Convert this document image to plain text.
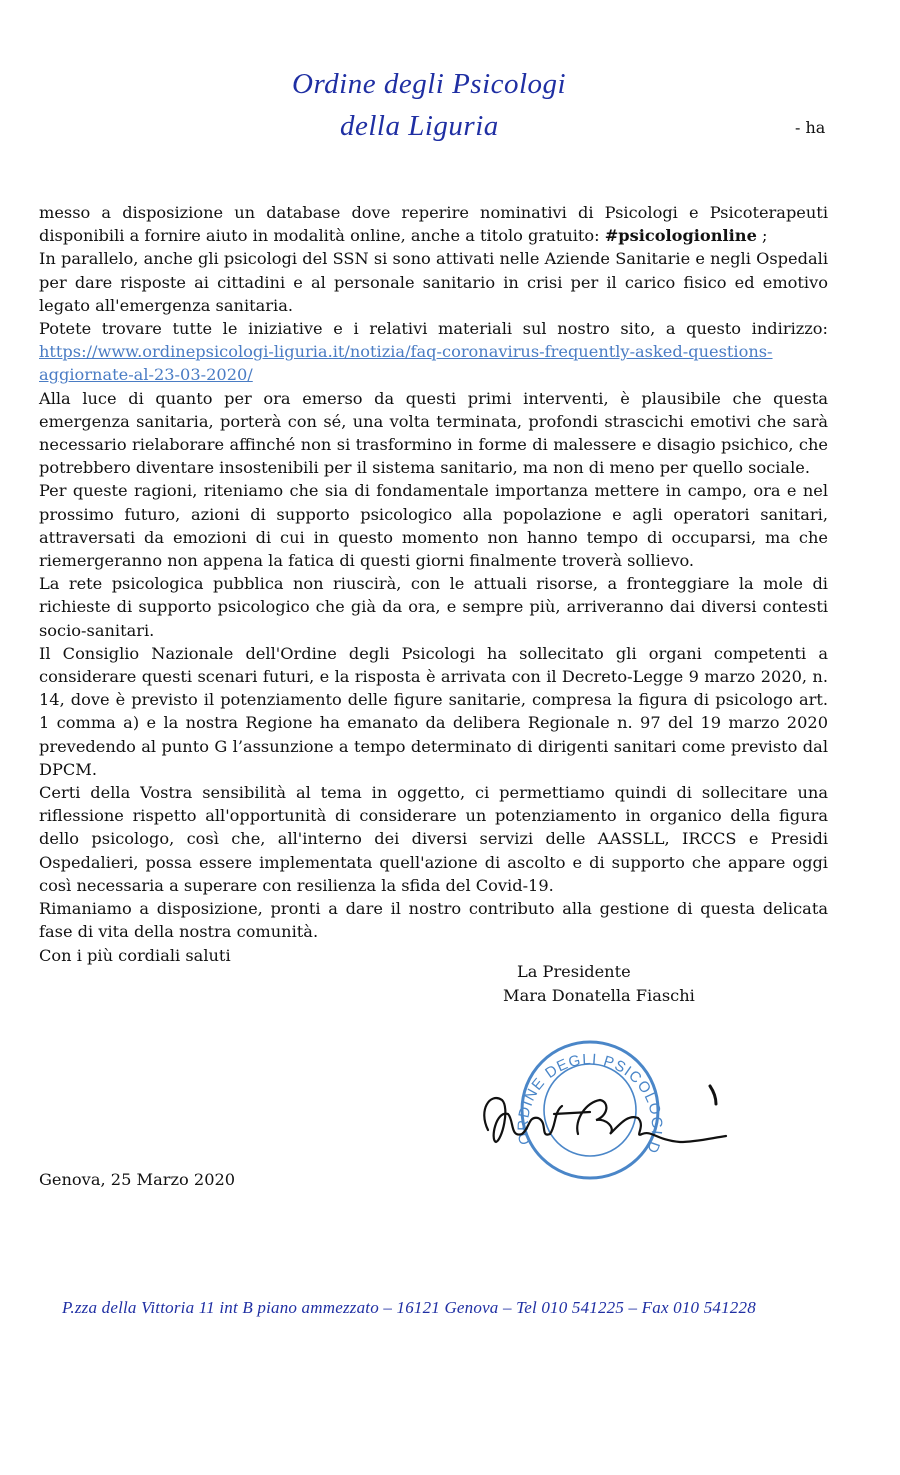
Ordine degli Psicologi
della Liguria	- ha

messo a disposizione un database dove reperire nominativi di Psicologi e Psicoterapeuti disponibili a fornire aiuto in modalità online, anche a titolo gratuito: #psicologionline ;

In parallelo, anche gli psicologi del SSN si sono attivati nelle Aziende Sanitarie e negli Ospedali per dare risposte ai cittadini e al personale sanitario in crisi per il carico fisico ed emotivo legato all'emergenza sanitaria.

Potete trovare tutte le iniziative e i relativi materiali sul nostro sito, a questo indirizzo: https://www.ordinepsicologi-liguria.it/notizia/faq-coronavirus-frequently-asked-questions-aggiornate-al-23-03-2020/

Alla luce di quanto per ora emerso da questi primi interventi, è plausibile che questa emergenza sanitaria, porterà con sé, una volta terminata, profondi strascichi emotivi che sarà necessario rielaborare affinché non si trasformino in forme di malessere e disagio psichico, che potrebbero diventare insostenibili per il sistema sanitario, ma non di meno per quello sociale.

Per queste ragioni, riteniamo che sia di fondamentale importanza mettere in campo, ora e nel prossimo futuro, azioni di supporto psicologico alla popolazione e agli operatori sanitari, attraversati da emozioni di cui in questo momento non hanno tempo di occuparsi, ma che riemergeranno non appena la fatica di questi giorni finalmente troverà sollievo.

La rete psicologica pubblica non riuscirà, con le attuali risorse, a fronteggiare la mole di richieste di supporto psicologico che già da ora, e sempre più, arriveranno dai diversi contesti socio-sanitari.

Il Consiglio Nazionale dell'Ordine degli Psicologi ha sollecitato gli organi competenti a considerare questi scenari futuri, e la risposta è arrivata con il Decreto-Legge 9 marzo 2020, n. 14, dove è previsto il potenziamento delle figure sanitarie, compresa la figura di psicologo art. 1 comma a) e la nostra Regione ha emanato da delibera Regionale n. 97 del 19 marzo 2020 prevedendo al punto G l’assunzione a tempo determinato di dirigenti sanitari come previsto dal DPCM.

Certi della Vostra sensibilità al tema in oggetto, ci permettiamo quindi di sollecitare una riflessione rispetto all'opportunità di considerare un potenziamento in organico della figura dello psicologo, così che, all'interno dei diversi servizi delle AASSLL, IRCCS e Presidi Ospedalieri, possa essere implementata quell'azione di ascolto e di supporto che appare oggi così necessaria a superare con resilienza la sfida del Covid-19.

Rimaniamo a disposizione, pronti a dare il nostro contributo alla gestione di questa delicata fase di vita della nostra comunità.

Con i più cordiali saluti

La Presidente
Mara Donatella Fiaschi
ORDINE DEGLI PSICOLOGI D
Genova, 25 Marzo 2020
P.zza della Vittoria 11 int B piano ammezzato – 16121 Genova – Tel 010 541225 – Fax 010 541228
